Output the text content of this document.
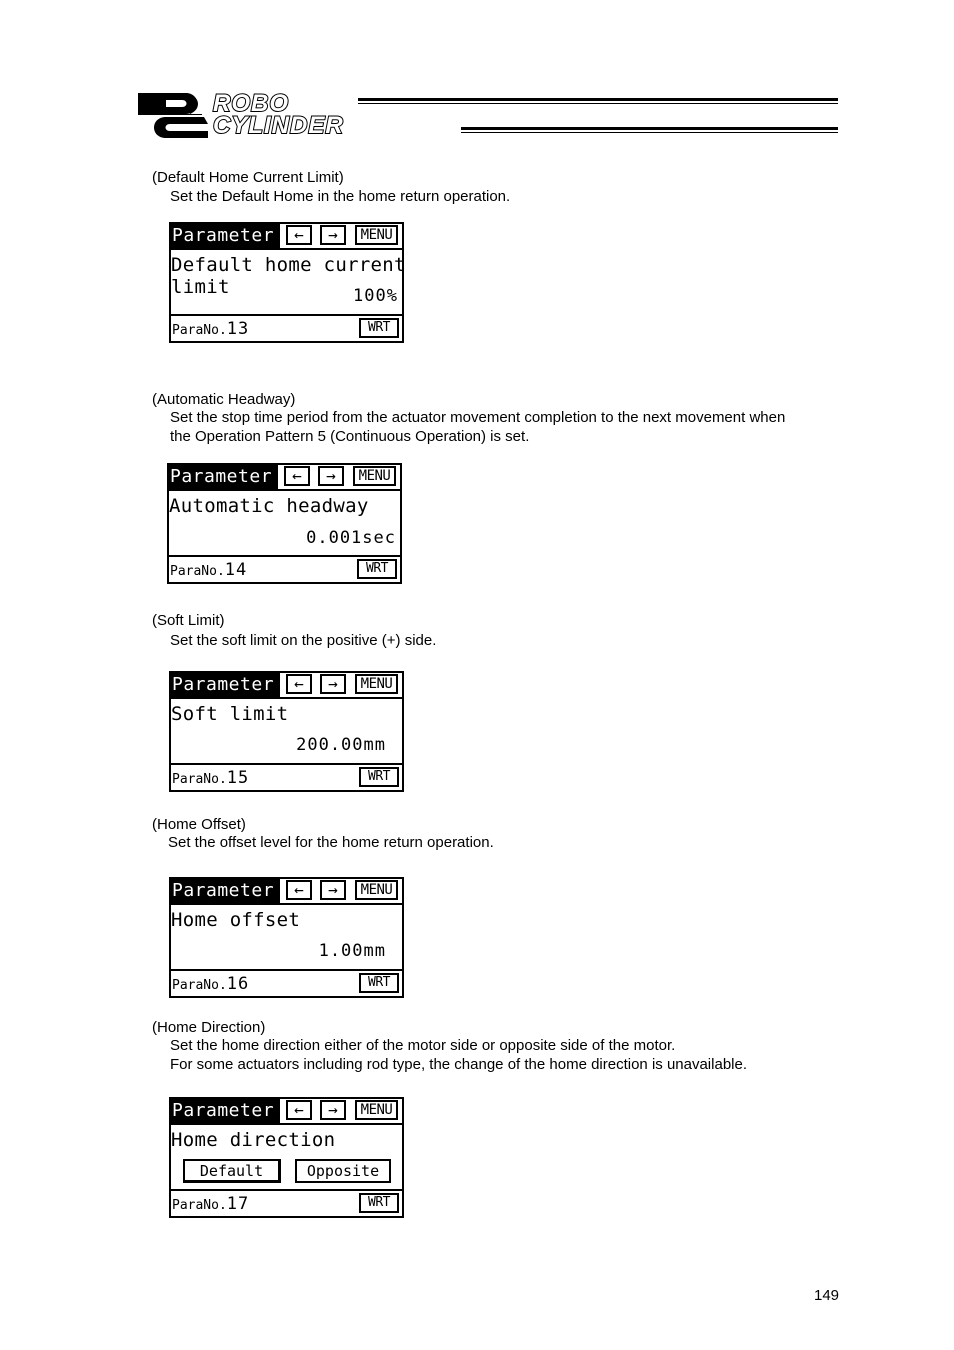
ROBO
CYLINDER
(Default Home Current Limit)
Set the Default Home in the home return operation.
Parameter	←	→	MENU
Default home current
limit	100%
ParaNo.13	WRT
(Automatic Headway)
Set the stop time period from the actuator movement completion to the next movement when
the Operation Pattern 5 (Continuous Operation) is set.
Parameter	←	→	MENU
Automatic headway
0.001sec
ParaNo.14	WRT
(Soft Limit)
Set the soft limit on the positive (+) side.
Parameter	←	→	MENU
Soft limit
200.00mm
ParaNo.15	WRT
(Home Offset)
Set the offset level for the home return operation.
Parameter	←	→	MENU
Home offset
1.00mm
ParaNo.16	WRT
(Home Direction)
Set the home direction either of the motor side or opposite side of the motor.
For some actuators including rod type, the change of the home direction is unavailable.
Parameter	←	→	MENU
Home direction
Default	Opposite
ParaNo.17	WRT
149
